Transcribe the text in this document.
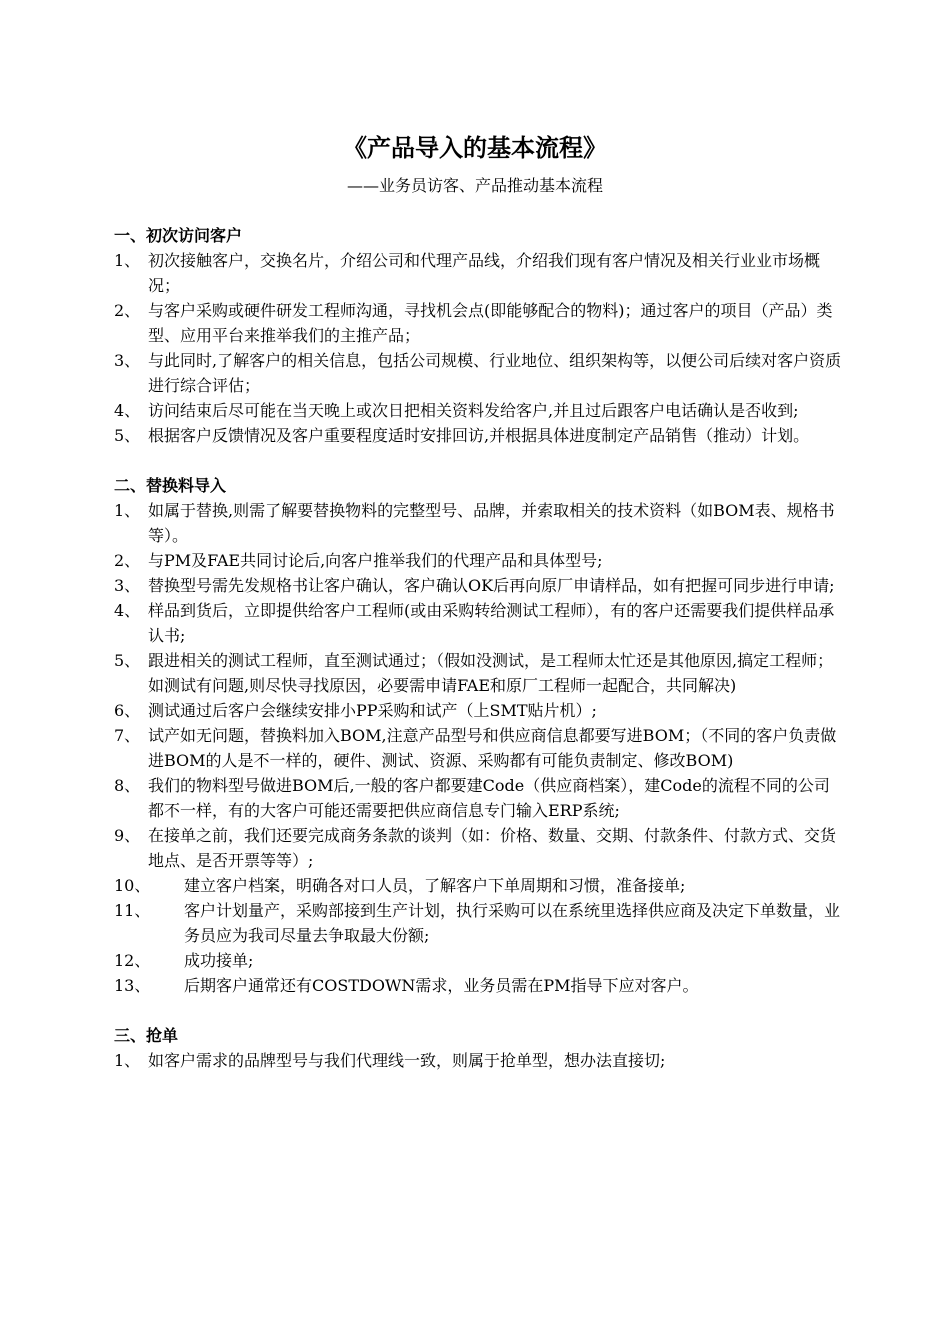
《产品导入的基本流程》
——业务员访客、产品推动基本流程
一、初次访问客户
1、 初次接触客户，交换名片，介绍公司和代理产品线，介绍我们现有客户情况及相关行业业市场概况；
2、 与客户采购或硬件研发工程师沟通，寻找机会点(即能够配合的物料)；通过客户的项目（产品）类型、应用平台来推举我们的主推产品；
3、 与此同时,了解客户的相关信息，包括公司规模、行业地位、组织架构等，以便公司后续对客户资质进行综合评估；
4、 访问结束后尽可能在当天晚上或次日把相关资料发给客户,并且过后跟客户电话确认是否收到;
5、 根据客户反馈情况及客户重要程度适时安排回访,并根据具体进度制定产品销售（推动）计划。
二、替换料导入
1、 如属于替换,则需了解要替换物料的完整型号、品牌，并索取相关的技术资料（如BOM表、规格书等）。
2、 与PM及FAE共同讨论后,向客户推举我们的代理产品和具体型号;
3、 替换型号需先发规格书让客户确认，客户确认OK后再向原厂申请样品，如有把握可同步进行申请;
4、 样品到货后，立即提供给客户工程师(或由采购转给测试工程师），有的客户还需要我们提供样品承认书;
5、 跟进相关的测试工程师，直至测试通过；（假如没测试，是工程师太忙还是其他原因,搞定工程师；如测试有问题,则尽快寻找原因，必要需申请FAE和原厂工程师一起配合，共同解决)
6、 测试通过后客户会继续安排小PP采购和试产（上SMT贴片机）;
7、 试产如无问题，替换料加入BOM,注意产品型号和供应商信息都要写进BOM；（不同的客户负责做进BOM的人是不一样的，硬件、测试、资源、采购都有可能负责制定、修改BOM)
8、 我们的物料型号做进BOM后,一般的客户都要建Code（供应商档案），建Code的流程不同的公司都不一样，有的大客户可能还需要把供应商信息专门输入ERP系统;
9、 在接单之前，我们还要完成商务条款的谈判（如：价格、数量、交期、付款条件、付款方式、交货地点、是否开票等等）;
10、	建立客户档案，明确各对口人员，了解客户下单周期和习惯，准备接单;
11、	客户计划量产，采购部接到生产计划，执行采购可以在系统里选择供应商及决定下单数量，业务员应为我司尽量去争取最大份额;
12、	成功接单;
13、	后期客户通常还有COSTDOWN需求，业务员需在PM指导下应对客户。
三、抢单
1、 如客户需求的品牌型号与我们代理线一致，则属于抢单型，想办法直接切;
